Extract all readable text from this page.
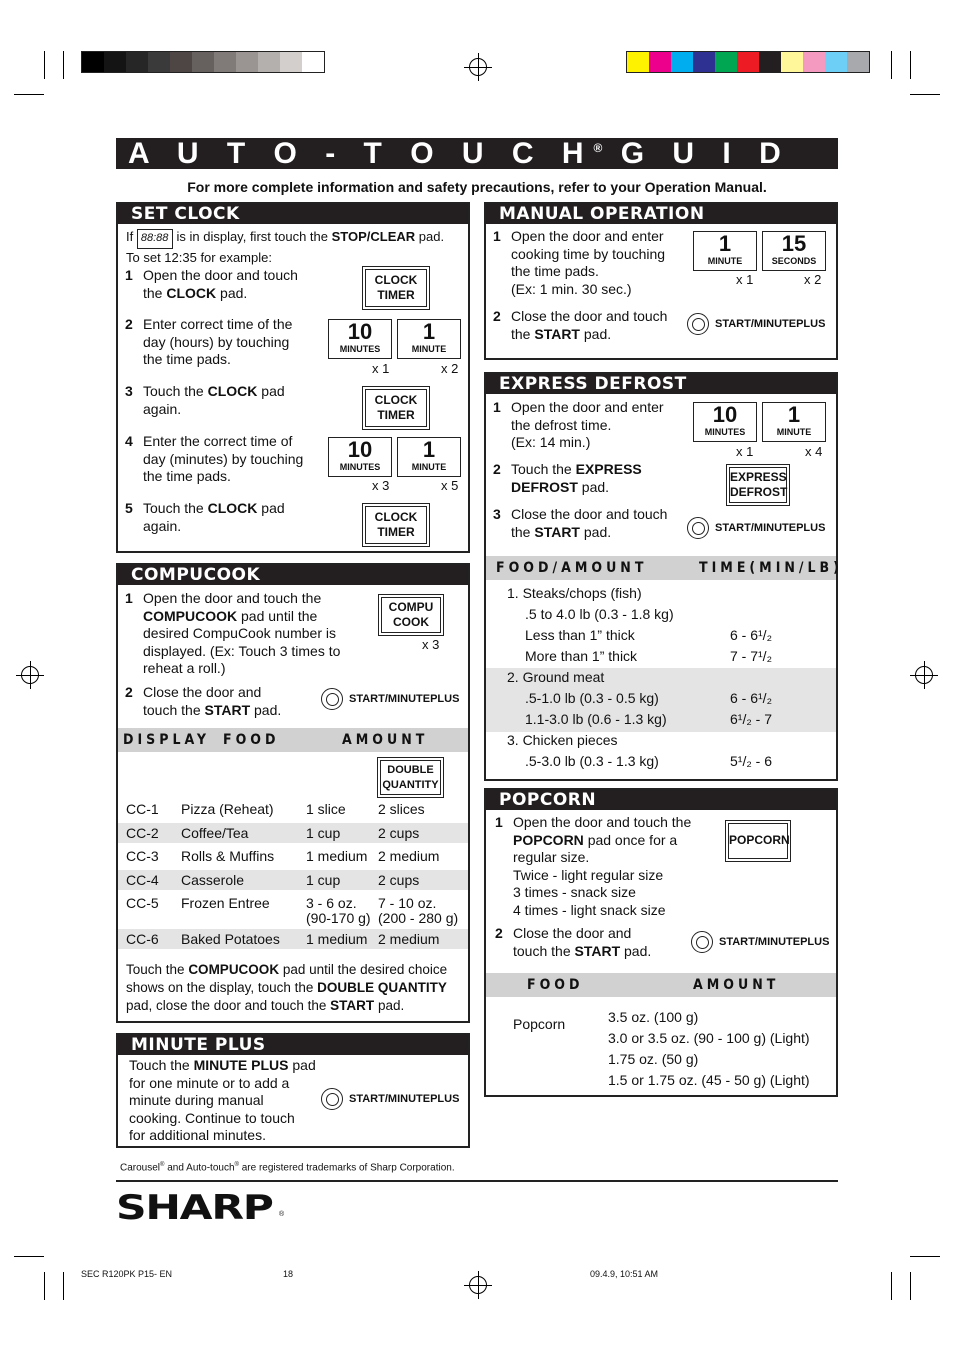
A U T O - T O U C H® G U I D E	For more complete information and safety precautions, refer to your Operation Manual.
SET CLOCK
If 88:88 is in display, first touch the STOP/CLEAR pad.
To set 12:35 for example:
1 Open the door and touch
the CLOCK pad.
CLOCK
TIMER
2 Enter correct time of the
day (hours) by touching
the time pads.
10
MINUTES
1
MINUTE
x 1	x 2
3 Touch the CLOCK pad
again.
CLOCK
TIMER
4 Enter the correct time of
day (minutes) by touching
the time pads.
10
MINUTES
1
MINUTE
x 3	x 5
5 Touch the CLOCK pad
again.
CLOCK
TIMER
MANUAL OPERATION
1 Open the door and enter
cooking time by touching
the time pads.
(Ex: 1 min. 30 sec.)
1
MINUTE
15
SECONDS
x 1	x 2
2 Close the door and touch
the START pad.
START/MINUTEPLUS
EXPRESS DEFROST
1 Open the door and enter
the defrost time.
(Ex: 14 min.)
10
MINUTES
1
MINUTE
x 1	x 4
2 Touch the EXPRESS
DEFROST pad.
EXPRESS
DEFROST
3 Close the door and touch
the START pad.	START/MINUTEPLUS
FOOD/AMOUNT	TIME(MIN/LB)
1. Steaks/chops (fish)
.5 to 4.0 lb (0.3 - 1.8 kg)
Less than 1” thick	6 - 6¹/₂
More than 1” thick	7 - 7¹/₂
2. Ground meat
.5-1.0 lb (0.3 - 0.5 kg)	6 - 6¹/₂
1.1-3.0 lb (0.6 - 1.3 kg)	6¹/₂ - 7
3. Chicken pieces
.5-3.0 lb (0.3 - 1.3 kg)	5¹/₂ - 6
COMPUCOOK
1 Open the door and touch the
COMPUCOOK pad until the
desired CompuCook number is
displayed. (Ex: Touch 3 times to
reheat a roll.)
COMPU
COOK
x 3
2 Close the door and
touch the START pad.
START/MINUTEPLUS
DISPLAY FOOD	AMOUNT
DOUBLE
QUANTITY
CC-1 Pizza (Reheat) 1 slice 2 slices
CC-2 Coffee/Tea	1 cup	2 cups
CC-3 Rolls & Muffins 1 medium 2 medium
CC-4 Casserole	1 cup	2 cups
CC-5 Frozen Entree	3 - 6 oz. 7 - 10 oz.
(90-170 g) (200 - 280 g)
CC-6 Baked Potatoes 1 medium 2 medium
Touch the COMPUCOOK pad until the desired choice
shows on the display, touch the DOUBLE QUANTITY
pad, close the door and touch the START pad.
MINUTE PLUS
Touch the MINUTE PLUS pad
for one minute or to add a
minute during manual
cooking. Continue to touch
for additional minutes.
START/MINUTEPLUS
POPCORN
1 Open the door and touch the
POPCORN pad once for a
regular size.
Twice - light regular size
3 times - snack size
4 times - light snack size
POPCORN
2 Close the door and
touch the START pad.
START/MINUTEPLUS
FOOD	AMOUNT
Popcorn	3.5 oz. (100 g)
3.0 or 3.5 oz. (90 - 100 g) (Light)
1.75 oz. (50 g)
1.5 or 1.75 oz. (45 - 50 g) (Light)
Carousel® and Auto-touch® are registered trademarks of Sharp Corporation.
SHARP ®
SEC R120PK P15- EN	18	09.4.9, 10:51 AM
